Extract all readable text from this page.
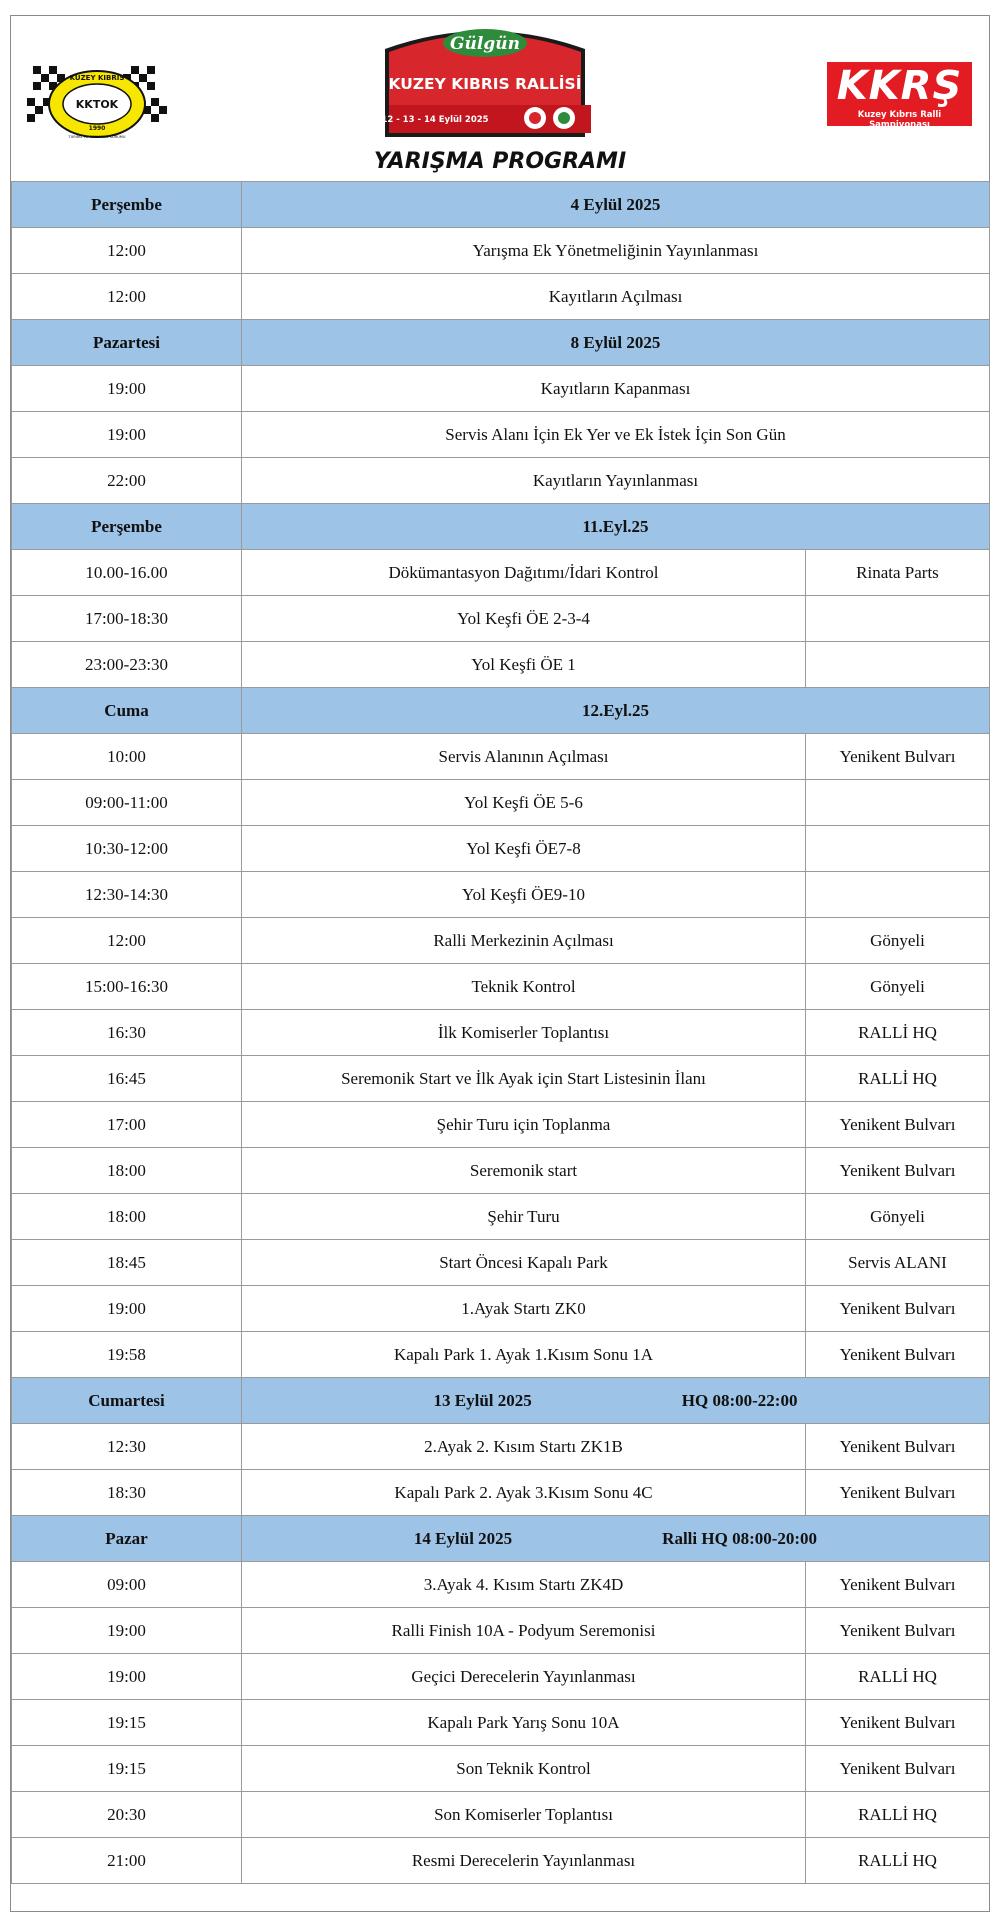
KUZEY KIBRIS
KKTOK
1990
TURİNG VE OTOMOBİL KURUMU
Gülgün
KUZEY KIBRIS RALLİSİ
12 - 13 - 14 Eylül 2025
KKRŞ
Kuzey Kıbrıs Ralli Şampiyonası
YARIŞMA PROGRAMI
Perşembe	4 Eylül 2025	
12:00	Yarışma Ek Yönetmeliğinin Yayınlanması	
12:00	Kayıtların Açılması	
Pazartesi	8 Eylül 2025	
19:00	Kayıtların Kapanması	
19:00	Servis Alanı İçin Ek Yer ve Ek İstek İçin Son Gün	
22:00	Kayıtların Yayınlanması	
Perşembe	11.Eyl.25	
10.00-16.00	Dökümantasyon Dağıtımı/İdari Kontrol	Rinata Parts
17:00-18:30	Yol Keşfi ÖE 2-3-4	
23:00-23:30	Yol Keşfi ÖE 1	
Cuma	12.Eyl.25	
10:00	Servis Alanının Açılması	Yenikent Bulvarı
09:00-11:00	Yol Keşfi ÖE 5-6	
10:30-12:00	Yol Keşfi ÖE7-8	
12:30-14:30	Yol Keşfi ÖE9-10	
12:00	Ralli Merkezinin Açılması	Gönyeli
15:00-16:30	Teknik Kontrol	Gönyeli
16:30	İlk Komiserler Toplantısı	RALLİ HQ
16:45	Seremonik Start ve İlk Ayak için Start Listesinin İlanı	RALLİ HQ
17:00	Şehir Turu için Toplanma	Yenikent Bulvarı
18:00	Seremonik start	Yenikent Bulvarı
18:00	Şehir Turu	Gönyeli
18:45	Start Öncesi Kapalı Park	Servis ALANI
19:00	1.Ayak Startı ZK0	Yenikent Bulvarı
19:58	Kapalı Park 1. Ayak 1.Kısım Sonu 1A	Yenikent Bulvarı
Cumartesi	13 Eylül 2025 HQ 08:00-22:00	

12:30	2.Ayak 2. Kısım Startı ZK1B	Yenikent Bulvarı
18:30	Kapalı Park 2. Ayak 3.Kısım Sonu 4C	Yenikent Bulvarı
Pazar	14 Eylül 2025 Ralli HQ 08:00-20:00	

09:00	3.Ayak 4. Kısım Startı ZK4D	Yenikent Bulvarı
19:00	Ralli Finish 10A - Podyum Seremonisi	Yenikent Bulvarı
19:00	Geçici Derecelerin Yayınlanması	RALLİ HQ
19:15	Kapalı Park Yarış Sonu 10A	Yenikent Bulvarı
19:15	Son Teknik Kontrol	Yenikent Bulvarı
20:30	Son Komiserler Toplantısı	RALLİ HQ
21:00	Resmi Derecelerin Yayınlanması	RALLİ HQ
